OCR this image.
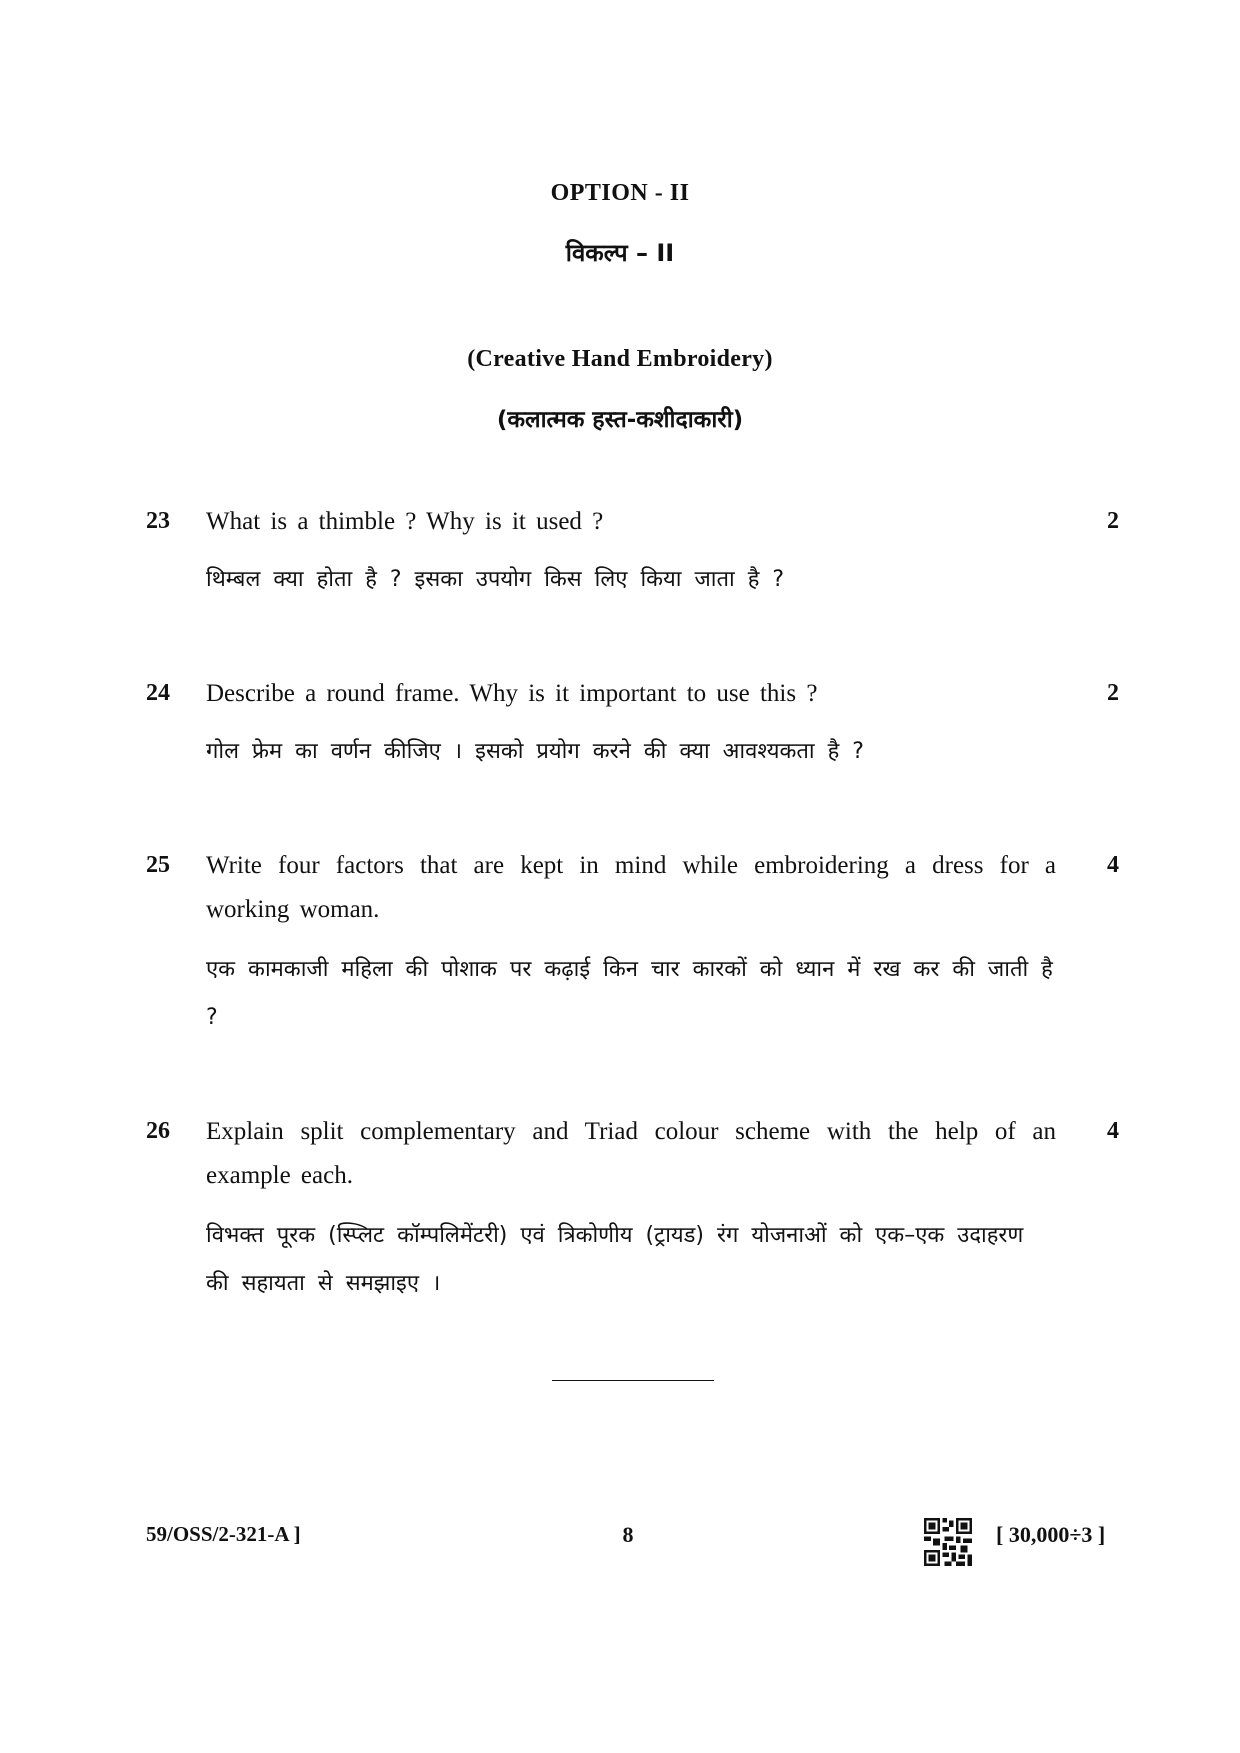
OPTION - II
विकल्प – II
(Creative Hand Embroidery)
(कलात्मक हस्त-कशीदाकारी)
23 What is a thimble ? Why is it used ?	2
थिम्बल क्या होता है ? इसका उपयोग किस लिए किया जाता है ?
24 Describe a round frame. Why is it important to use this ?	2
गोल फ्रेम का वर्णन कीजिए । इसको प्रयोग करने की क्या आवश्यकता है ?
25 Write four factors that are kept in mind while embroidering a dress for a working woman.
4
एक कामकाजी महिला की पोशाक पर कढ़ाई किन चार कारकों को ध्यान में रख कर की जाती है ?
26 Explain split complementary and Triad colour scheme with the help of an example each.
4
विभक्त पूरक (स्प्लिट कॉम्पलिमेंटरी) एवं त्रिकोणीय (ट्रायड) रंग योजनाओं को एक–एक उदाहरण की सहायता से समझाइए ।
59/OSS/2-321-A ]	8	[ 30,000÷3 ]
